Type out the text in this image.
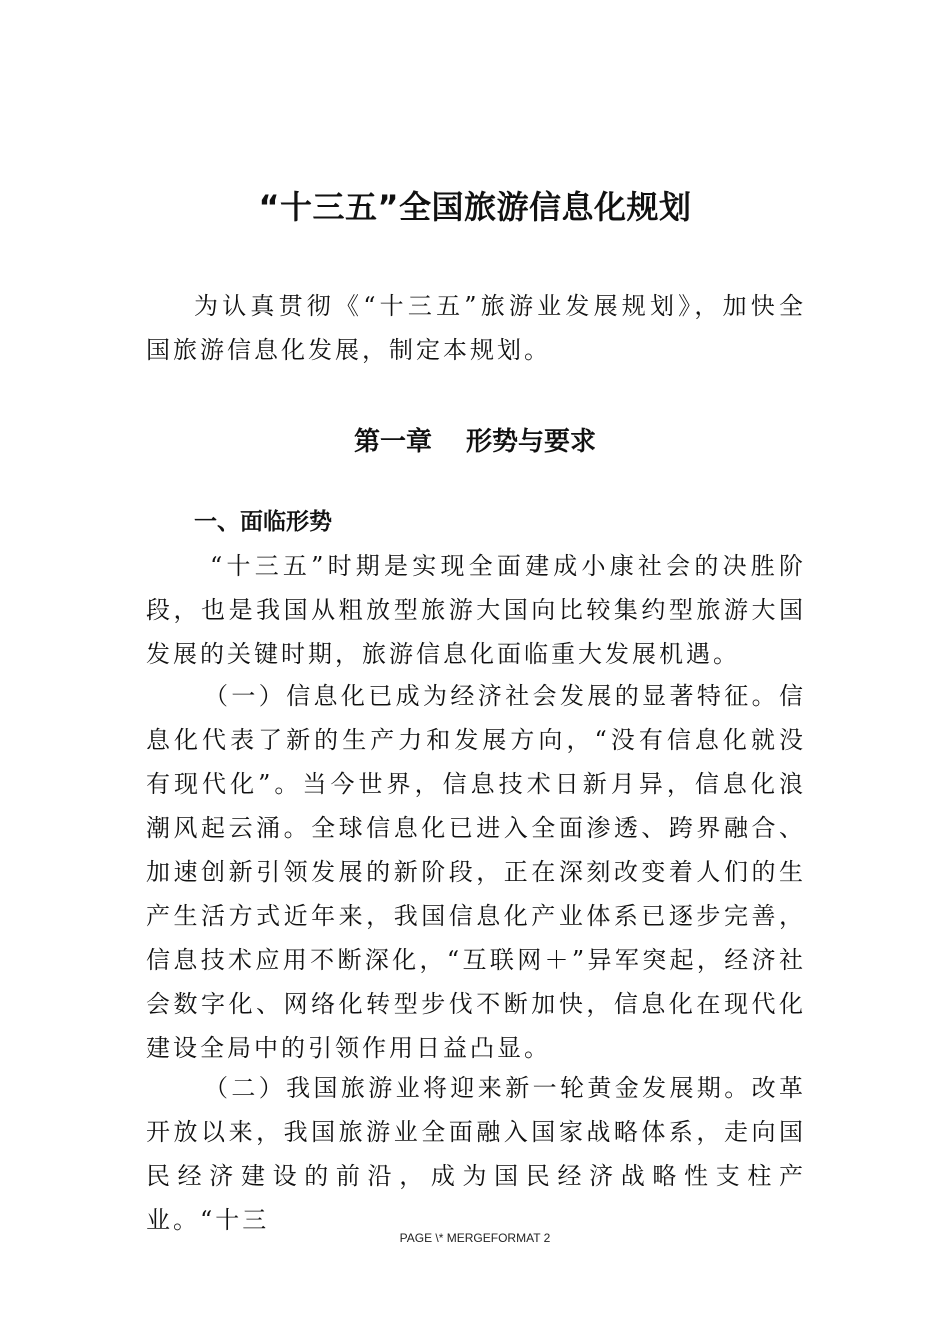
“十三五”全国旅游信息化规划
为认真贯彻《“十三五”旅游业发展规划》，加快全国旅游信息化发展，制定本规划。
第一章 形势与要求
一、面临形势
“十三五”时期是实现全面建成小康社会的决胜阶段，也是我国从粗放型旅游大国向比较集约型旅游大国发展的关键时期，旅游信息化面临重大发展机遇。
（一）信息化已成为经济社会发展的显著特征。信息化代表了新的生产力和发展方向，“没有信息化就没有现代化”。当今世界，信息技术日新月异，信息化浪潮风起云涌。全球信息化已进入全面渗透、跨界融合、加速创新引领发展的新阶段，正在深刻改变着人们的生产生活方式近年来，我国信息化产业体系已逐步完善，信息技术应用不断深化，“互联网＋”异军突起，经济社会数字化、网络化转型步伐不断加快，信息化在现代化建设全局中的引领作用日益凸显。
（二）我国旅游业将迎来新一轮黄金发展期。改革开放以来，我国旅游业全面融入国家战略体系，走向国民经济建设的前沿，成为国民经济战略性支柱产业。“十三
PAGE \* MERGEFORMAT 2
